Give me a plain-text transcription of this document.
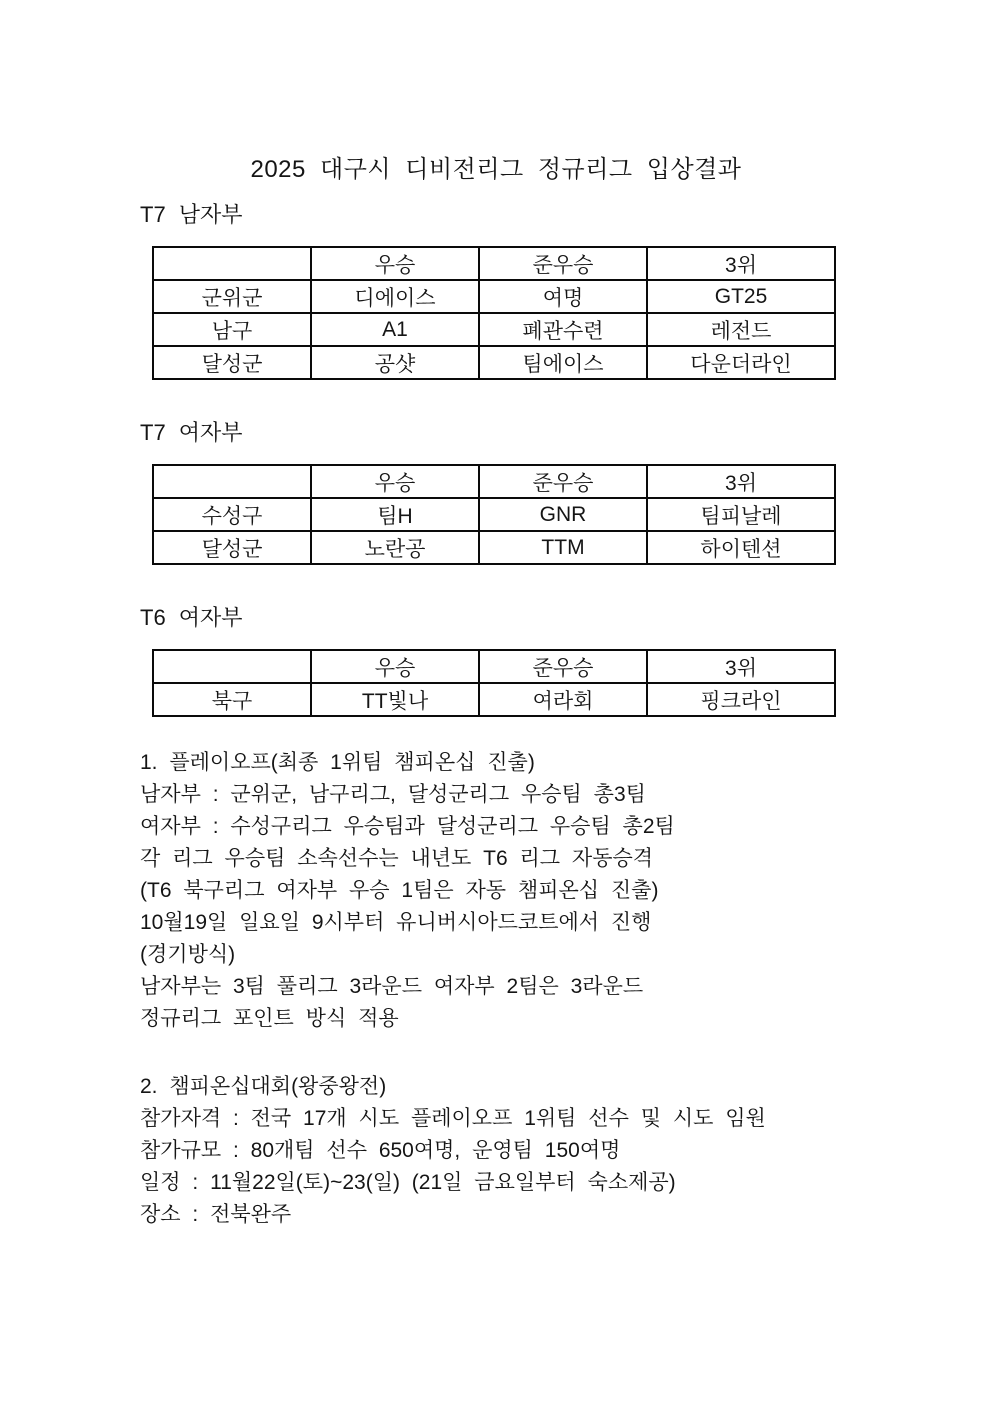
2025 대구시 디비전리그 정규리그 입상결과
T7 남자부
	우승	준우승	3위
군위군	디에이스	여명	GT25
남구	A1	폐관수련	레전드
달성군	공샷	팀에이스	다운더라인
T7 여자부
	우승	준우승	3위
수성구	팀H	GNR	팀피날레
달성군	노란공	TTM	하이텐션
T6 여자부
	우승	준우승	3위
북구	TT빛나	여라회	핑크라인
1. 플레이오프(최종 1위팀 챔피온십 진출)
남자부 : 군위군, 남구리그, 달성군리그 우승팀 총3팀
여자부 : 수성구리그 우승팀과 달성군리그 우승팀 총2팀
각 리그 우승팀 소속선수는 내년도 T6 리그 자동승격
(T6 북구리그 여자부 우승 1팀은 자동 챔피온십 진출)
10월19일 일요일 9시부터 유니버시아드코트에서 진행
(경기방식)
남자부는 3팀 풀리그 3라운드 여자부 2팀은 3라운드
정규리그 포인트 방식 적용
2. 챔피온십대회(왕중왕전)
참가자격 : 전국 17개 시도 플레이오프 1위팀 선수 및 시도 임원
참가규모 : 80개팀 선수 650여명, 운영팀 150여명
일정 : 11월22일(토)~23(일) (21일 금요일부터 숙소제공)
장소 : 전북완주
